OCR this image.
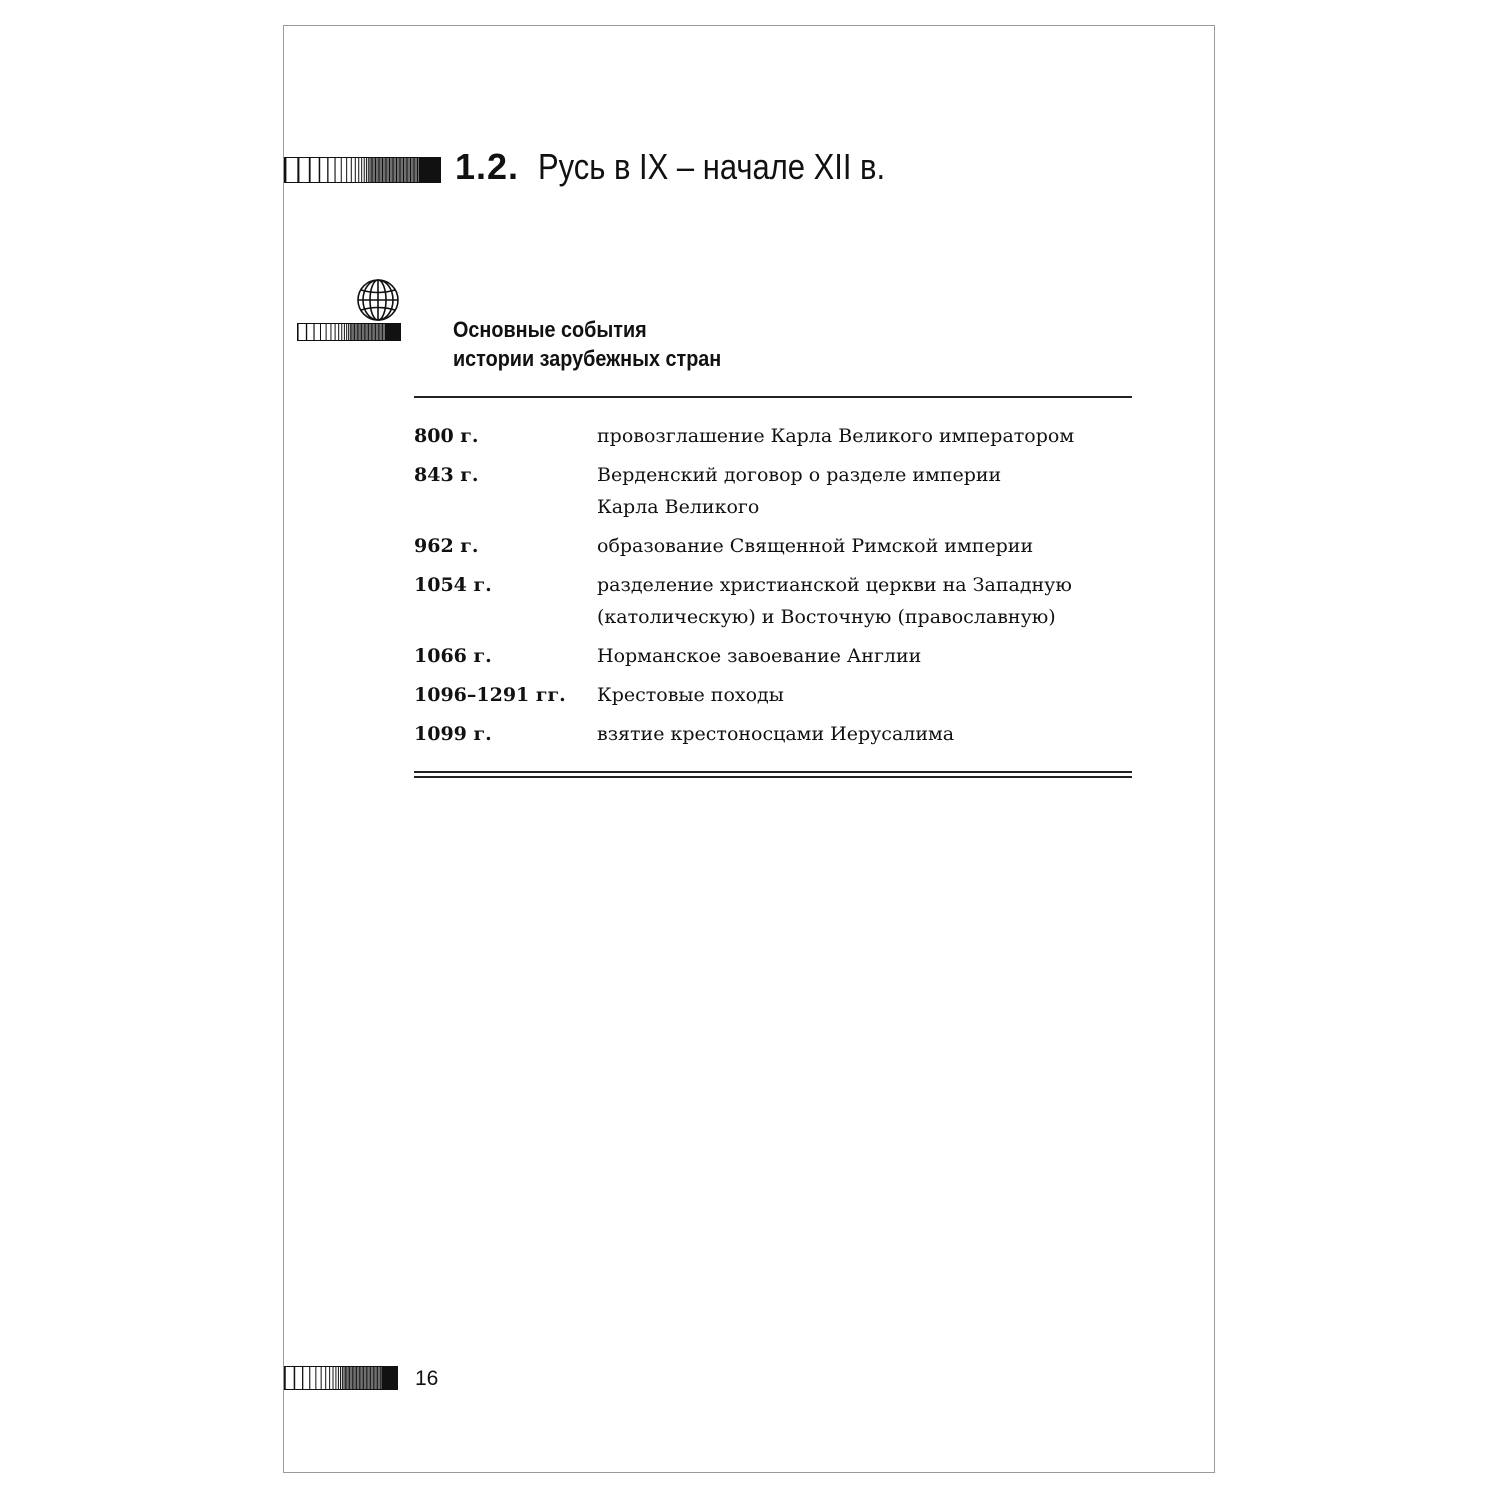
1.2. Русь в IX – начале XII в.
Основные события
истории зарубежных стран
800 г.	провозглашение Карла Великого императором
843 г.	Верденский договор о разделе империи
Карла Великого
962 г.	образование Священной Римской империи
1054 г.	разделение христианской церкви на Западную
(католическую) и Восточную (православную)
1066 г.	Норманское завоевание Англии
1096–1291 гг.	Крестовые походы
1099 г.	взятие крестоносцами Иерусалима
16
